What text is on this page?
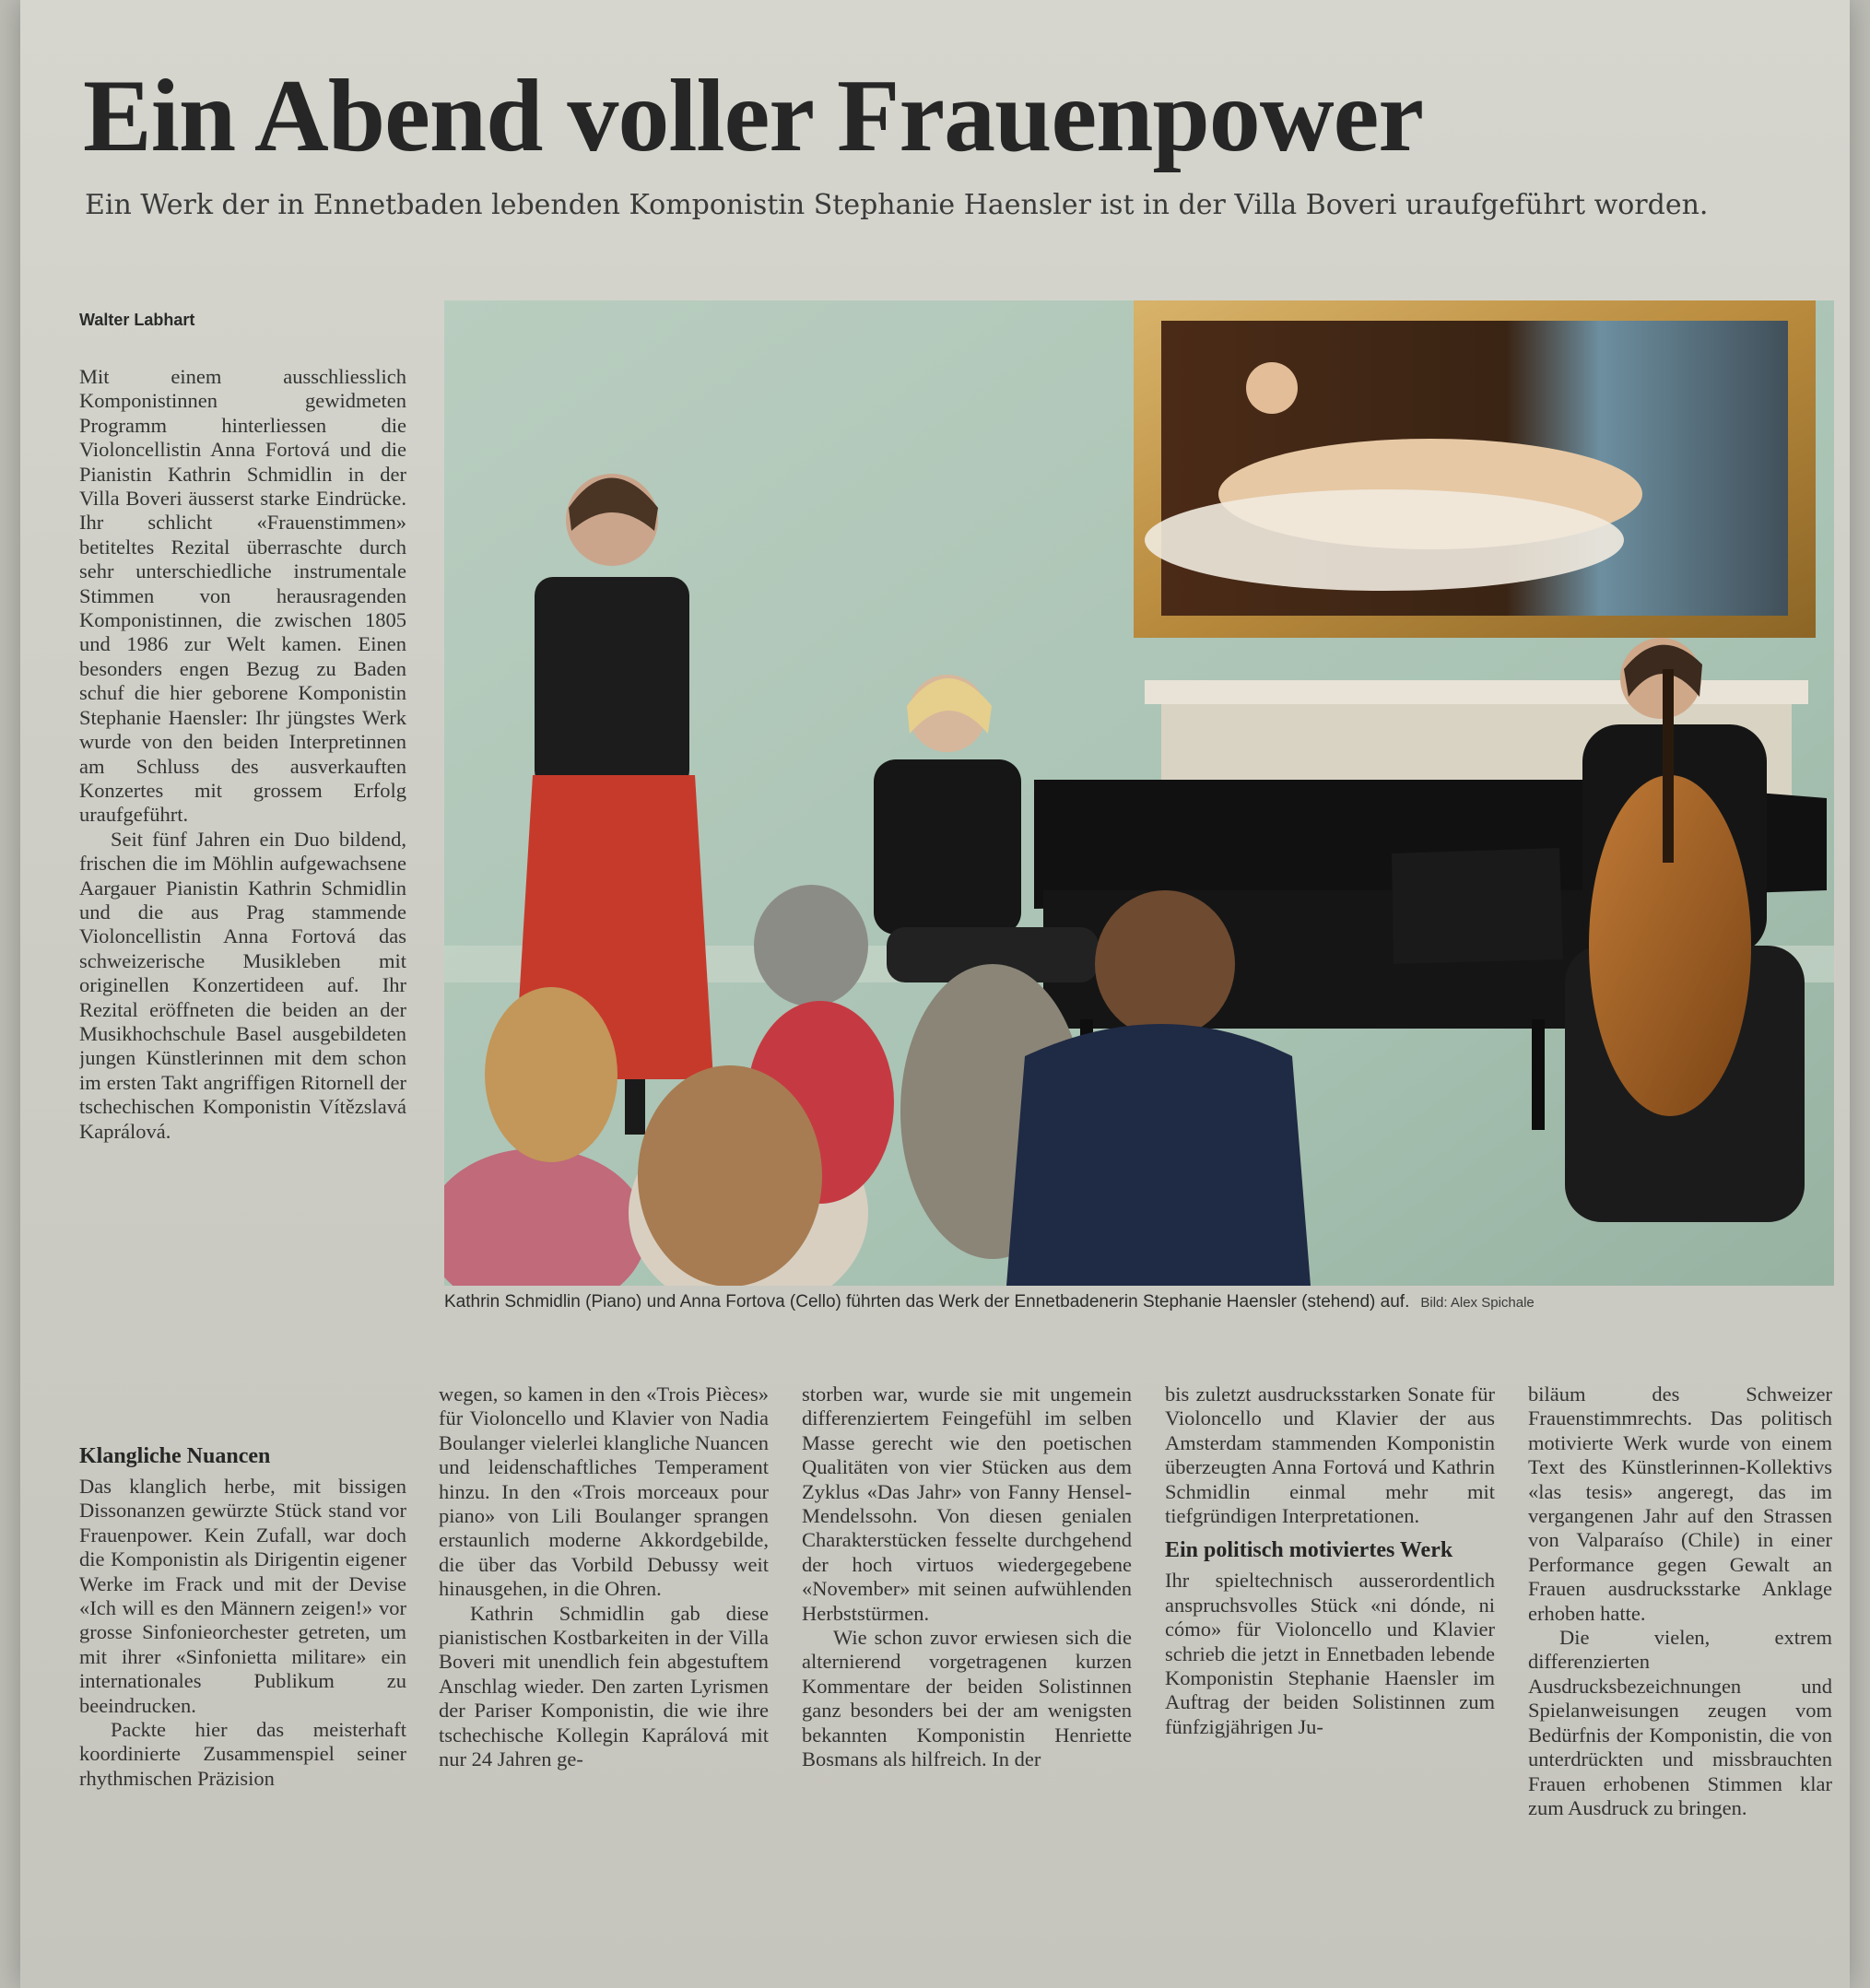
Ein Abend voller Frauenpower

Ein Werk der in Ennetbaden lebenden Komponistin Stephanie Haensler ist in der Villa Boveri uraufgeführt worden.

Walter Labhart

Mit einem ausschliesslich Komponistinnen gewidmeten Programm hinterliessen die Violoncellistin Anna Fortová und die Pianistin Kathrin Schmidlin in der Villa Boveri äusserst starke Eindrücke. Ihr schlicht «Frauenstimmen» betiteltes Rezital überraschte durch sehr unterschiedliche instrumentale Stimmen von herausragenden Komponistinnen, die zwischen 1805 und 1986 zur Welt kamen. Einen besonders engen Bezug zu Baden schuf die hier geborene Komponistin Stephanie Haensler: Ihr jüngstes Werk wurde von den beiden Interpretinnen am Schluss des ausverkauften Konzertes mit grossem Erfolg uraufgeführt.

Seit fünf Jahren ein Duo bildend, frischen die im Möhlin aufgewachsene Aargauer Pianistin Kathrin Schmidlin und die aus Prag stammende Violoncellistin Anna Fortová das schweizerische Musikleben mit originellen Konzertideen auf. Ihr Rezital eröffneten die beiden an der Musikhochschule Basel ausgebildeten jungen Künstlerinnen mit dem schon im ersten Takt angriffigen Ritornell der tschechischen Komponistin Vítězslavá Kaprálová.

Klangliche Nuancen

Das klanglich herbe, mit bissigen Dissonanzen gewürzte Stück stand vor Frauenpower. Kein Zufall, war doch die Komponistin als Dirigentin eigener Werke im Frack und mit der Devise «Ich will es den Männern zeigen!» vor grosse Sinfonieorchester getreten, um mit ihrer «Sinfonietta militare» ein internationales Publikum zu beeindrucken.

Packte hier das meisterhaft koordinierte Zusammenspiel seiner rhythmischen Präzision

Kathrin Schmidlin (Piano) und Anna Fortova (Cello) führten das Werk der Ennetbadenerin Stephanie Haensler (stehend) auf. Bild: Alex Spichale

wegen, so kamen in den «Trois Pièces» für Violoncello und Klavier von Nadia Boulanger vielerlei klangliche Nuancen und leidenschaftliches Temperament hinzu. In den «Trois morceaux pour piano» von Lili Boulanger sprangen erstaunlich moderne Akkordgebilde, die über das Vorbild Debussy weit hinausgehen, in die Ohren.

Kathrin Schmidlin gab diese pianistischen Kostbarkeiten in der Villa Boveri mit unendlich fein abgestuftem Anschlag wieder. Den zarten Lyrismen der Pariser Komponistin, die wie ihre tschechische Kollegin Kaprálová mit nur 24 Jahren ge-

storben war, wurde sie mit ungemein differenziertem Feingefühl im selben Masse gerecht wie den poetischen Qualitäten von vier Stücken aus dem Zyklus «Das Jahr» von Fanny Hensel-Mendelssohn. Von diesen genialen Charakterstücken fesselte durchgehend der hoch virtuos wiedergegebene «November» mit seinen aufwühlenden Herbststürmen.

Wie schon zuvor erwiesen sich die alternierend vorgetragenen kurzen Kommentare der beiden Solistinnen ganz besonders bei der am wenigsten bekannten Komponistin Henriette Bosmans als hilfreich. In der

bis zuletzt ausdrucksstarken Sonate für Violoncello und Klavier der aus Amsterdam stammenden Komponistin überzeugten Anna Fortová und Kathrin Schmidlin einmal mehr mit tiefgründigen Interpretationen.

Ein politisch motiviertes Werk

Ihr spieltechnisch ausserordentlich anspruchsvolles Stück «ni dónde, ni cómo» für Violoncello und Klavier schrieb die jetzt in Ennetbaden lebende Komponistin Stephanie Haensler im Auftrag der beiden Solistinnen zum fünfzigjährigen Ju-

biläum des Schweizer Frauenstimmrechts. Das politisch motivierte Werk wurde von einem Text des Künstlerinnen-Kollektivs «las tesis» angeregt, das im vergangenen Jahr auf den Strassen von Valparaíso (Chile) in einer Performance gegen Gewalt an Frauen ausdrucksstarke Anklage erhoben hatte.

Die vielen, extrem differenzierten Ausdrucksbezeichnungen und Spielanweisungen zeugen vom Bedürfnis der Komponistin, die von unterdrückten und missbrauchten Frauen erhobenen Stimmen klar zum Ausdruck zu bringen.
